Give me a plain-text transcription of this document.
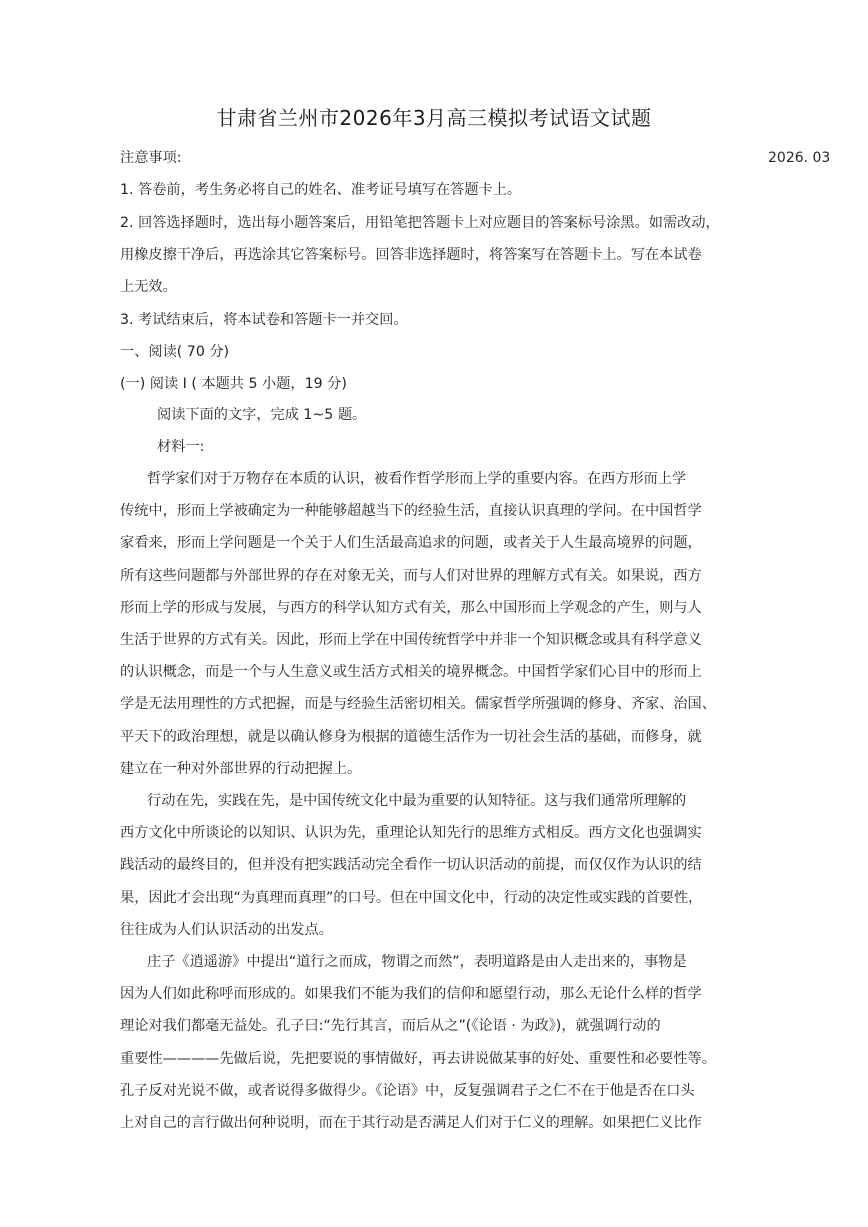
甘肃省兰州市2026年3月高三模拟考试语文试题
注意事项:	2026. 03
1. 答卷前，考生务必将自己的姓名、准考证号填写在答题卡上。
2. 回答选择题时，选出每小题答案后，用铅笔把答题卡上对应题目的答案标号涂黑。如需改动，
用橡皮擦干净后，再选涂其它答案标号。回答非选择题时，将答案写在答题卡上。写在本试卷
上无效。
3. 考试结束后，将本试卷和答题卡一并交回。
一、阅读( 70 分)
(一) 阅读 I ( 本题共 5 小题，19 分)
阅读下面的文字，完成 1~5 题。
材料一:
哲学家们对于万物存在本质的认识，被看作哲学形而上学的重要内容。在西方形而上学
传统中，形而上学被确定为一种能够超越当下的经验生活，直接认识真理的学问。在中国哲学
家看来，形而上学问题是一个关于人们生活最高追求的问题，或者关于人生最高境界的问题，
所有这些问题都与外部世界的存在对象无关，而与人们对世界的理解方式有关。如果说，西方
形而上学的形成与发展，与西方的科学认知方式有关，那么中国形而上学观念的产生，则与人
生活于世界的方式有关。因此，形而上学在中国传统哲学中并非一个知识概念或具有科学意义
的认识概念，而是一个与人生意义或生活方式相关的境界概念。中国哲学家们心目中的形而上
学是无法用理性的方式把握，而是与经验生活密切相关。儒家哲学所强调的修身、齐家、治国、
平天下的政治理想，就是以确认修身为根据的道德生活作为一切社会生活的基础，而修身，就
建立在一种对外部世界的行动把握上。
行动在先，实践在先，是中国传统文化中最为重要的认知特征。这与我们通常所理解的
西方文化中所谈论的以知识、认识为先，重理论认知先行的思维方式相反。西方文化也强调实
践活动的最终目的，但并没有把实践活动完全看作一切认识活动的前提，而仅仅作为认识的结
果，因此才会出现“为真理而真理”的口号。但在中国文化中，行动的决定性或实践的首要性，
往往成为人们认识活动的出发点。
庄子《逍遥游》中提出“道行之而成，物谓之而然”，表明道路是由人走出来的，事物是
因为人们如此称呼而形成的。如果我们不能为我们的信仰和愿望行动，那么无论什么样的哲学
理论对我们都毫无益处。孔子曰:“先行其言，而后从之”(《论语 · 为政》)，就强调行动的
重要性————先做后说，先把要说的事情做好，再去讲说做某事的好处、重要性和必要性等。
孔子反对光说不做，或者说得多做得少。《论语》中，反复强调君子之仁不在于他是否在口头
上对自己的言行做出何种说明，而在于其行动是否满足人们对于仁义的理解。如果把仁义比作
